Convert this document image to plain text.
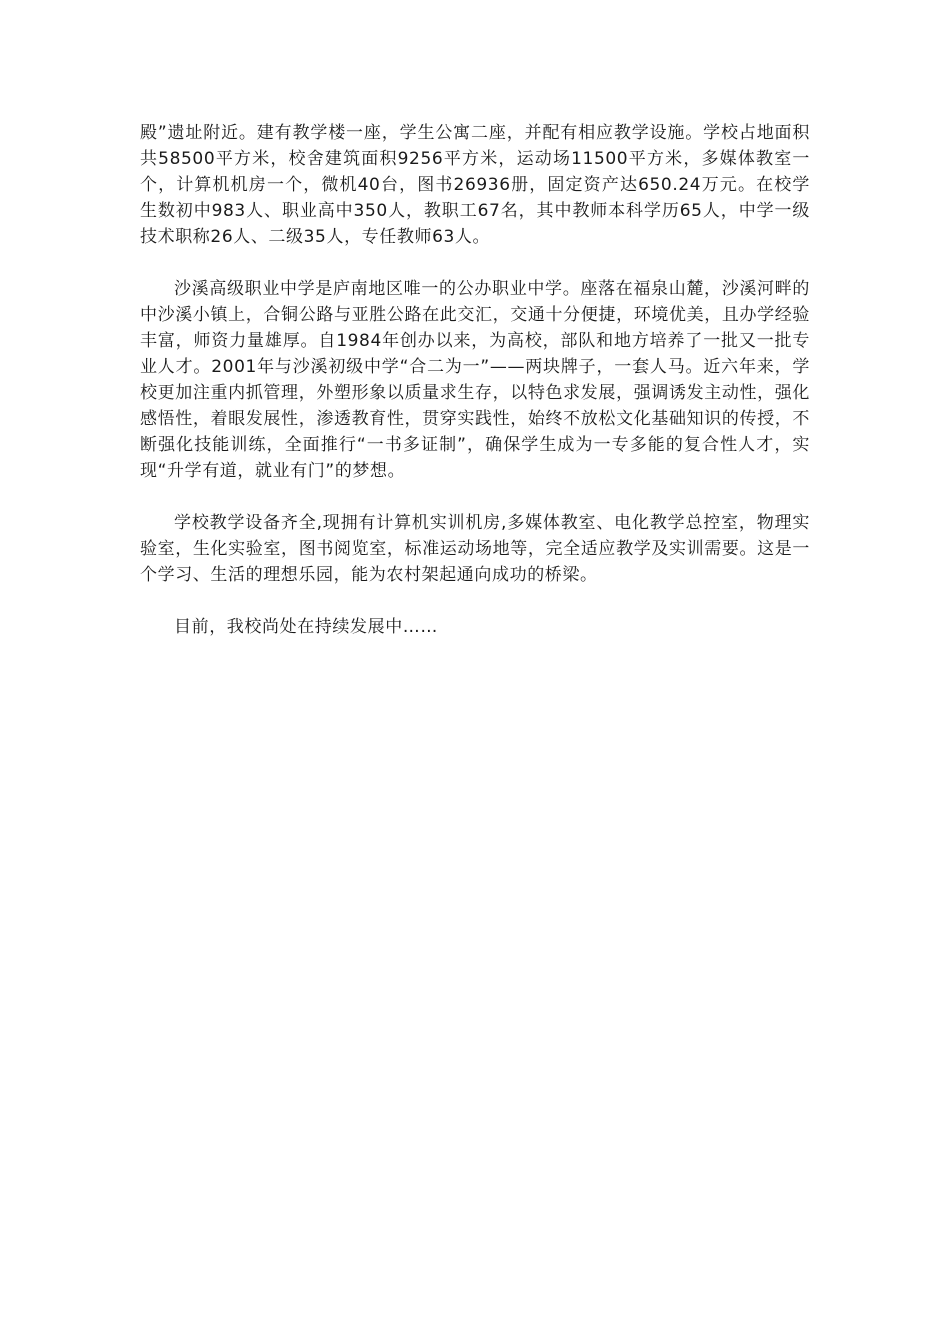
殿”遗址附近。建有教学楼一座，学生公寓二座，并配有相应教学设施。学校占地面积共58500平方米，校舍建筑面积9256平方米，运动场11500平方米，多媒体教室一个，计算机机房一个，微机40台，图书26936册，固定资产达650.24万元。在校学生数初中983人、职业高中350人，教职工67名，其中教师本科学历65人，中学一级技术职称26人、二级35人，专任教师63人。

沙溪高级职业中学是庐南地区唯一的公办职业中学。座落在福泉山麓，沙溪河畔的中沙溪小镇上，合铜公路与亚胜公路在此交汇，交通十分便捷，环境优美，且办学经验丰富，师资力量雄厚。自1984年创办以来，为高校，部队和地方培养了一批又一批专业人才。2001年与沙溪初级中学“合二为一”——两块牌子，一套人马。近六年来，学校更加注重内抓管理，外塑形象以质量求生存，以特色求发展，强调诱发主动性，强化感悟性，着眼发展性，渗透教育性，贯穿实践性，始终不放松文化基础知识的传授，不断强化技能训练，全面推行“一书多证制”，确保学生成为一专多能的复合性人才，实现“升学有道，就业有门”的梦想。

学校教学设备齐全,现拥有计算机实训机房,多媒体教室、电化教学总控室，物理实验室，生化实验室，图书阅览室，标准运动场地等，完全适应教学及实训需要。这是一个学习、生活的理想乐园，能为农村架起通向成功的桥梁。

目前，我校尚处在持续发展中……
